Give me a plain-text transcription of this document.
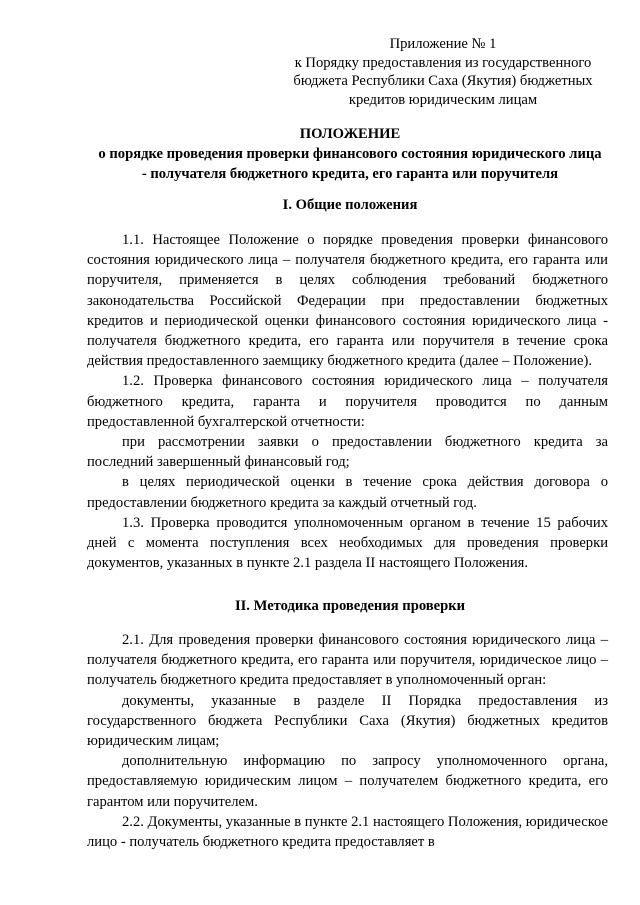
Приложение № 1
к Порядку предоставления из государственного бюджета Республики Саха (Якутия) бюджетных кредитов юридическим лицам
ПОЛОЖЕНИЕ
о порядке проведения проверки финансового состояния юридического лица - получателя бюджетного кредита, его гаранта или поручителя
I. Общие положения

1.1. Настоящее Положение о порядке проведения проверки финансового состояния юридического лица – получателя бюджетного кредита, его гаранта или поручителя, применяется в целях соблюдения требований бюджетного законодательства Российской Федерации при предоставлении бюджетных кредитов и периодической оценки финансового состояния юридического лица - получателя бюджетного кредита, его гаранта или поручителя в течение срока действия предоставленного заемщику бюджетного кредита (далее – Положение).

1.2. Проверка финансового состояния юридического лица – получателя бюджетного кредита, гаранта и поручителя проводится по данным предоставленной бухгалтерской отчетности:

при рассмотрении заявки о предоставлении бюджетного кредита за последний завершенный финансовый год;

в целях периодической оценки в течение срока действия договора о предоставлении бюджетного кредита за каждый отчетный год.

1.3. Проверка проводится уполномоченным органом в течение 15 рабочих дней с момента поступления всех необходимых для проведения проверки документов, указанных в пункте 2.1 раздела II настоящего Положения.

II. Методика проведения проверки

2.1. Для проведения проверки финансового состояния юридического лица – получателя бюджетного кредита, его гаранта или поручителя, юридическое лицо – получатель бюджетного кредита предоставляет в уполномоченный орган:

документы, указанные в разделе II Порядка предоставления из государственного бюджета Республики Саха (Якутия) бюджетных кредитов юридическим лицам;

дополнительную информацию по запросу уполномоченного органа, предоставляемую юридическим лицом – получателем бюджетного кредита, его гарантом или поручителем.

2.2. Документы, указанные в пункте 2.1 настоящего Положения, юридическое лицо - получатель бюджетного кредита предоставляет в
